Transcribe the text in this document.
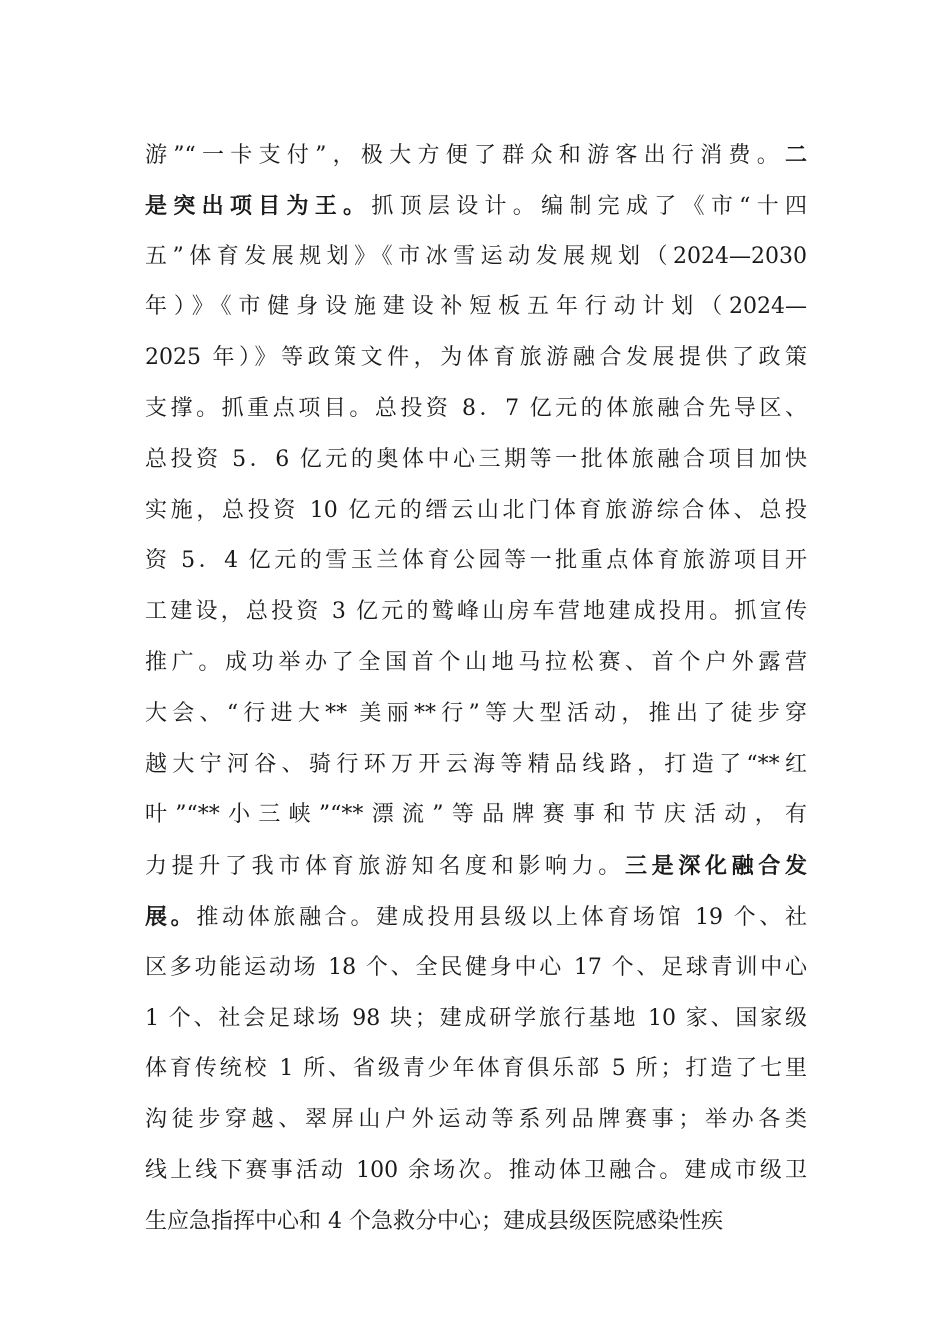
游”“一卡支付”，极大方便了群众和游客出行消费。二
是突出项目为王。抓顶层设计。编制完成了《市“十四
五”体育发展规划》《市冰雪运动发展规划（2024—2030
年）》《市健身设施建设补短板五年行动计划（2024—
2025 年）》等政策文件，为体育旅游融合发展提供了政策
支撑。抓重点项目。总投资 8．7 亿元的体旅融合先导区、
总投资 5．6 亿元的奥体中心三期等一批体旅融合项目加快
实施，总投资 10 亿元的缙云山北门体育旅游综合体、总投
资 5．4 亿元的雪玉兰体育公园等一批重点体育旅游项目开
工建设，总投资 3 亿元的鹫峰山房车营地建成投用。抓宣传
推广。成功举办了全国首个山地马拉松赛、首个户外露营
大会、“行进大** 美丽**行”等大型活动，推出了徒步穿
越大宁河谷、骑行环万开云海等精品线路，打造了“**红
叶”“**小三峡”“**漂流”等品牌赛事和节庆活动，有
力提升了我市体育旅游知名度和影响力。三是深化融合发
展。推动体旅融合。建成投用县级以上体育场馆 19 个、社
区多功能运动场 18 个、全民健身中心 17 个、足球青训中心
1 个、社会足球场 98 块；建成研学旅行基地 10 家、国家级
体育传统校 1 所、省级青少年体育俱乐部 5 所；打造了七里
沟徒步穿越、翠屏山户外运动等系列品牌赛事；举办各类
线上线下赛事活动 100 余场次。推动体卫融合。建成市级卫
生应急指挥中心和 4 个急救分中心；建成县级医院感染性疾
